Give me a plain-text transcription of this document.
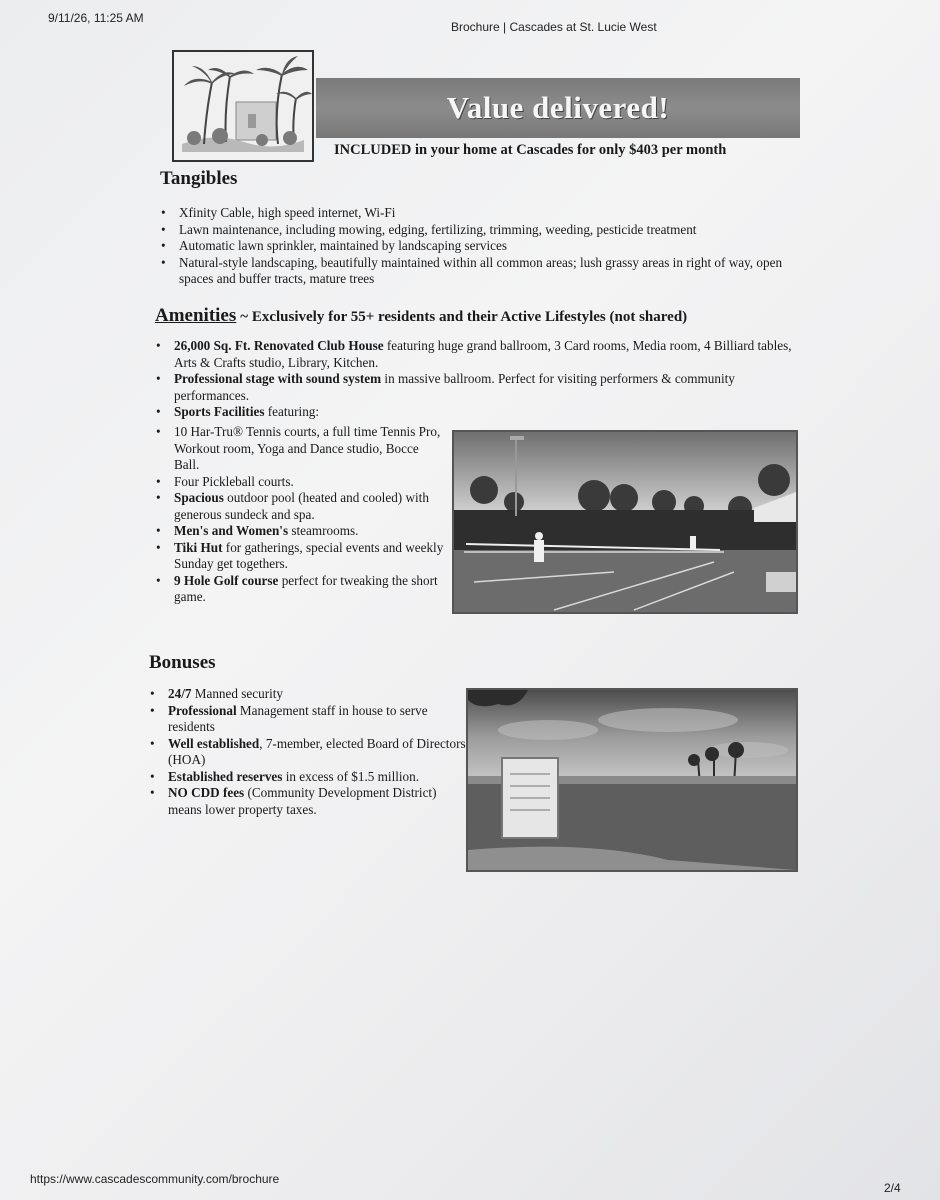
9/11/26, 11:25 AM
Brochure | Cascades at St. Lucie West
https://www.cascadescommunity.com/brochure
2/4
Value delivered!
INCLUDED in your home at Cascades for only $403 per month
Tangibles
• Xfinity Cable, high speed internet, Wi-Fi
• Lawn maintenance, including mowing, edging, fertilizing, trimming, weeding, pesticide treatment
• Automatic lawn sprinkler, maintained by landscaping services
• Natural-style landscaping, beautifully maintained within all common areas; lush grassy areas in right of way, open spaces and buffer tracts, mature trees
Amenities ~ Exclusively for 55+ residents and their Active Lifestyles (not shared)
• 26,000 Sq. Ft. Renovated Club House featuring huge grand ballroom, 3 Card rooms, Media room, 4 Billiard tables, Arts & Crafts studio, Library, Kitchen.
• Professional stage with sound system in massive ballroom. Perfect for visiting performers & community performances.
• Sports Facilities featuring:
• 10 Har-Tru® Tennis courts, a full time Tennis Pro, Workout room, Yoga and Dance studio, Bocce Ball.
• Four Pickleball courts.
• Spacious outdoor pool (heated and cooled) with generous sundeck and spa.
• Men's and Women's steamrooms.
• Tiki Hut for gatherings, special events and weekly Sunday get togethers.
• 9 Hole Golf course perfect for tweaking the short game.
Bonuses
• 24/7 Manned security
• Professional Management staff in house to serve residents
• Well established, 7-member, elected Board of Directors (HOA)
• Established reserves in excess of $1.5 million.
• NO CDD fees (Community Development District) means lower property taxes.
